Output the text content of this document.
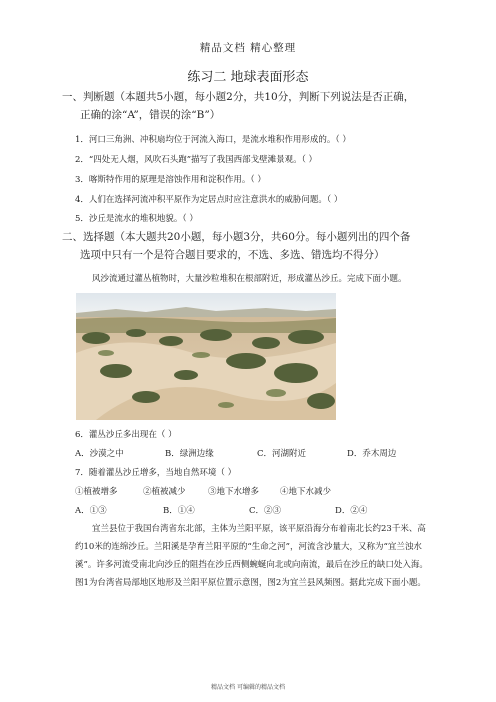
精品文档 精心整理
练习二 地球表面形态
一、判断题（本题共5小题，每小题2分，共10分，判断下列说法是否正确，
正确的涂“A”，错误的涂“B”）
1．河口三角洲、冲积扇均位于河流入海口，是流水堆积作用形成的。（ ）
2．“四处无人烟，风吹石头跑”描写了我国西部戈壁滩景观。（ ）
3．喀斯特作用的原理是溶蚀作用和淀积作用。（ ）
4．人们在选择河流冲积平原作为定居点时应注意洪水的威胁问题。（ ）
5．沙丘是流水的堆积地貌。（ ）
二、选择题（本大题共20小题，每小题3分，共60分。每小题列出的四个备
选项中只有一个是符合题目要求的，不选、多选、错选均不得分）
风沙流通过灌丛植物时，大量沙粒堆积在根部附近，形成灌丛沙丘。完成下面小题。
6．灌丛沙丘多出现在（ ）
A．沙漠之中	B．绿洲边缘	C．河湖附近	D．乔木周边
7．随着灌丛沙丘增多，当地自然环境（ ）
①植被增多	②植被减少	③地下水增多 ④地下水减少
A．①③	B．①④	C．②③	D．②④
宜兰县位于我国台湾省东北部，主体为兰阳平原，该平原沿海分布着南北长约23千米、高约10米的连绵沙丘。兰阳溪是孕育兰阳平原的“生命之河”，河流含沙量大，又称为“宜兰浊水溪”。许多河流受南北向沙丘的阻挡在沙丘西侧蜿蜒向北或向南流，最后在沙丘的缺口处入海。图1为台湾省局部地区地形及兰阳平原位置示意图，图2为宜兰县风频图。据此完成下面小题。
精品文档 可编辑的精品文档
